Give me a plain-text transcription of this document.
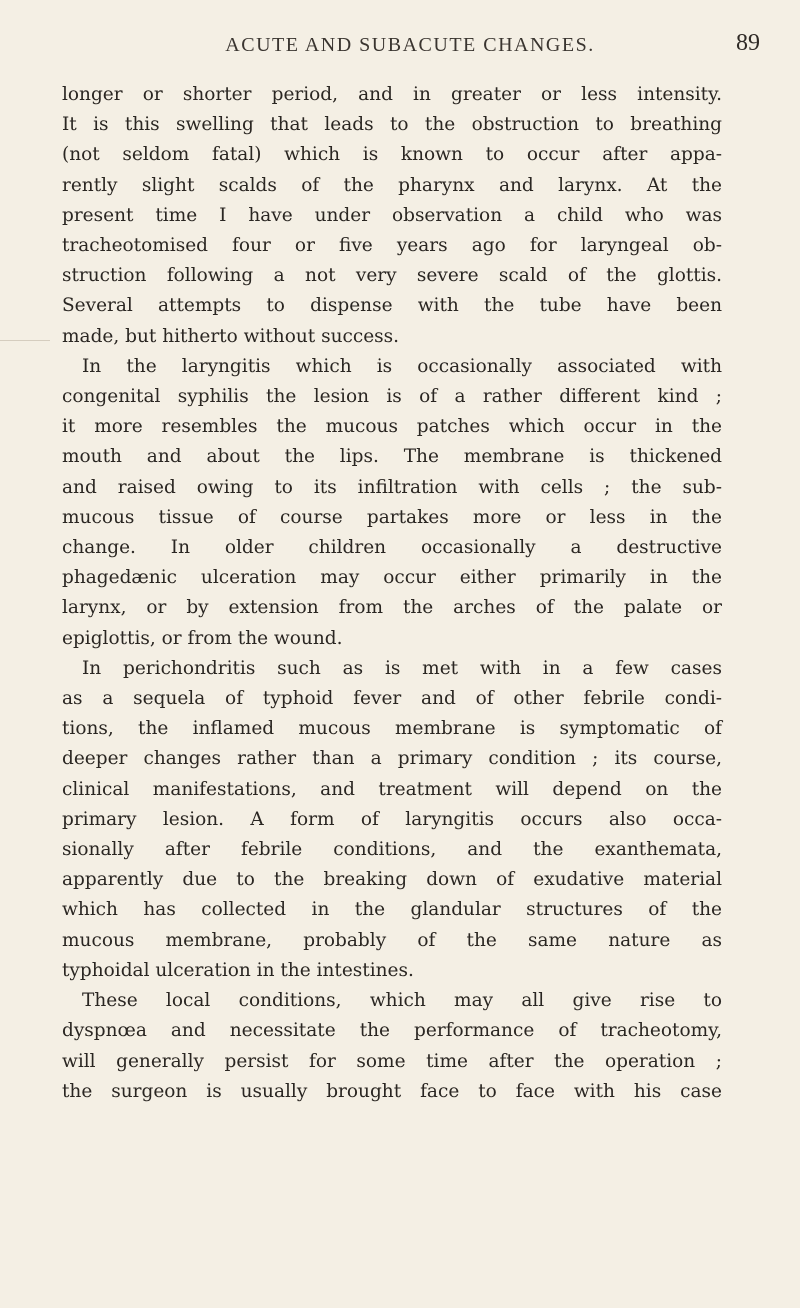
ACUTE AND SUBACUTE CHANGES.	89
longer or shorter period, and in greater or less intensity.
It is this swelling that leads to the obstruction to breathing
(not seldom fatal) which is known to occur after appa-
rently slight scalds of the pharynx and larynx. At the
present time I have under observation a child who was
tracheotomised four or five years ago for laryngeal ob-
struction following a not very severe scald of the glottis.
Several attempts to dispense with the tube have been
made, but hitherto without success.
In the laryngitis which is occasionally associated with
congenital syphilis the lesion is of a rather different kind ;
it more resembles the mucous patches which occur in the
mouth and about the lips. The membrane is thickened
and raised owing to its infiltration with cells ; the sub-
mucous tissue of course partakes more or less in the
change. In older children occasionally a destructive
phagedænic ulceration may occur either primarily in the
larynx, or by extension from the arches of the palate or
epiglottis, or from the wound.
In perichondritis such as is met with in a few cases
as a sequela of typhoid fever and of other febrile condi-
tions, the inflamed mucous membrane is symptomatic of
deeper changes rather than a primary condition ; its course,
clinical manifestations, and treatment will depend on the
primary lesion. A form of laryngitis occurs also occa-
sionally after febrile conditions, and the exanthemata,
apparently due to the breaking down of exudative material
which has collected in the glandular structures of the
mucous membrane, probably of the same nature as
typhoidal ulceration in the intestines.
These local conditions, which may all give rise to
dyspnœa and necessitate the performance of tracheotomy,
will generally persist for some time after the operation ;
the surgeon is usually brought face to face with his case
